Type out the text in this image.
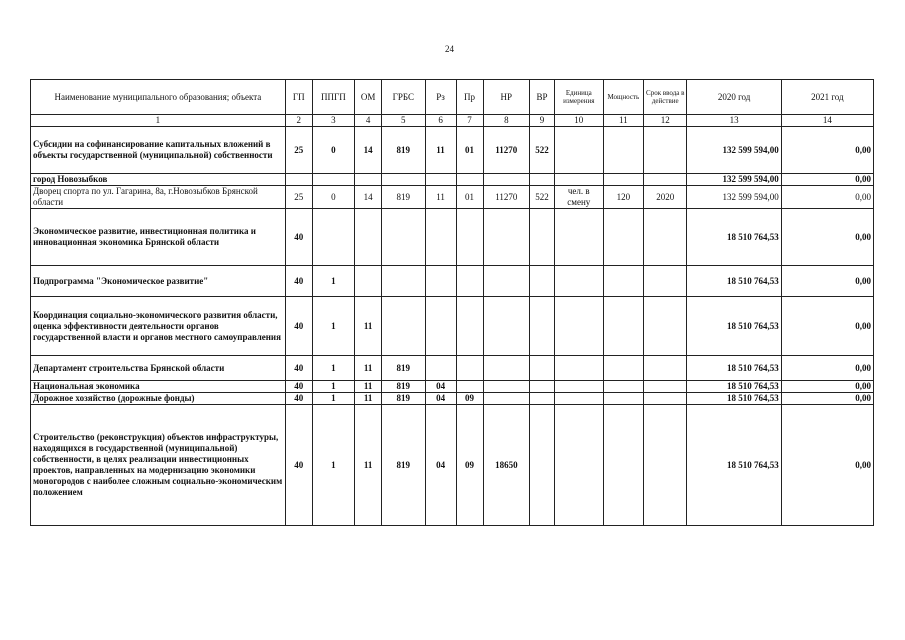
24
Наименование муниципального образования; объекта	ГП	ППГП	ОМ	ГРБС	Рз	Пр	НР	ВР	Единица измерения	Мощность	Срок ввода в действие	2020 год	2021 год
1	2	3	4	5	6	7	8	9	10	11	12	13	14
Субсидии на софинансирование капитальных вложений в объекты государственной (муниципальной) собственности	25	0	14	819	11	01	11270	522				132 599 594,00	0,00
город Новозыбков												132 599 594,00	0,00
Дворец спорта по ул. Гагарина, 8а, г.Новозыбков Брянской области	25	0	14	819	11	01	11270	522	чел. в смену	120	2020	132 599 594,00	0,00
Экономическое развитие, инвестиционная политика и инновационная экономика Брянской области	40											18 510 764,53	0,00
Подпрограмма "Экономическое развитие"	40	1										18 510 764,53	0,00
Координация социально-экономического развития области, оценка эффективности деятельности органов государственной власти и органов местного самоуправления	40	1	11									18 510 764,53	0,00
Департамент строительства Брянской области	40	1	11	819								18 510 764,53	0,00
Национальная экономика	40	1	11	819	04							18 510 764,53	0,00
Дорожное хозяйство (дорожные фонды)	40	1	11	819	04	09						18 510 764,53	0,00
Строительство (реконструкция) объектов инфраструктуры, находящихся в государственной (муниципальной) собственности, в целях реализации инвестиционных проектов, направленных на модернизацию экономики моногородов с наиболее сложным социально-экономическим положением	40	1	11	819	04	09	18650					18 510 764,53	0,00
